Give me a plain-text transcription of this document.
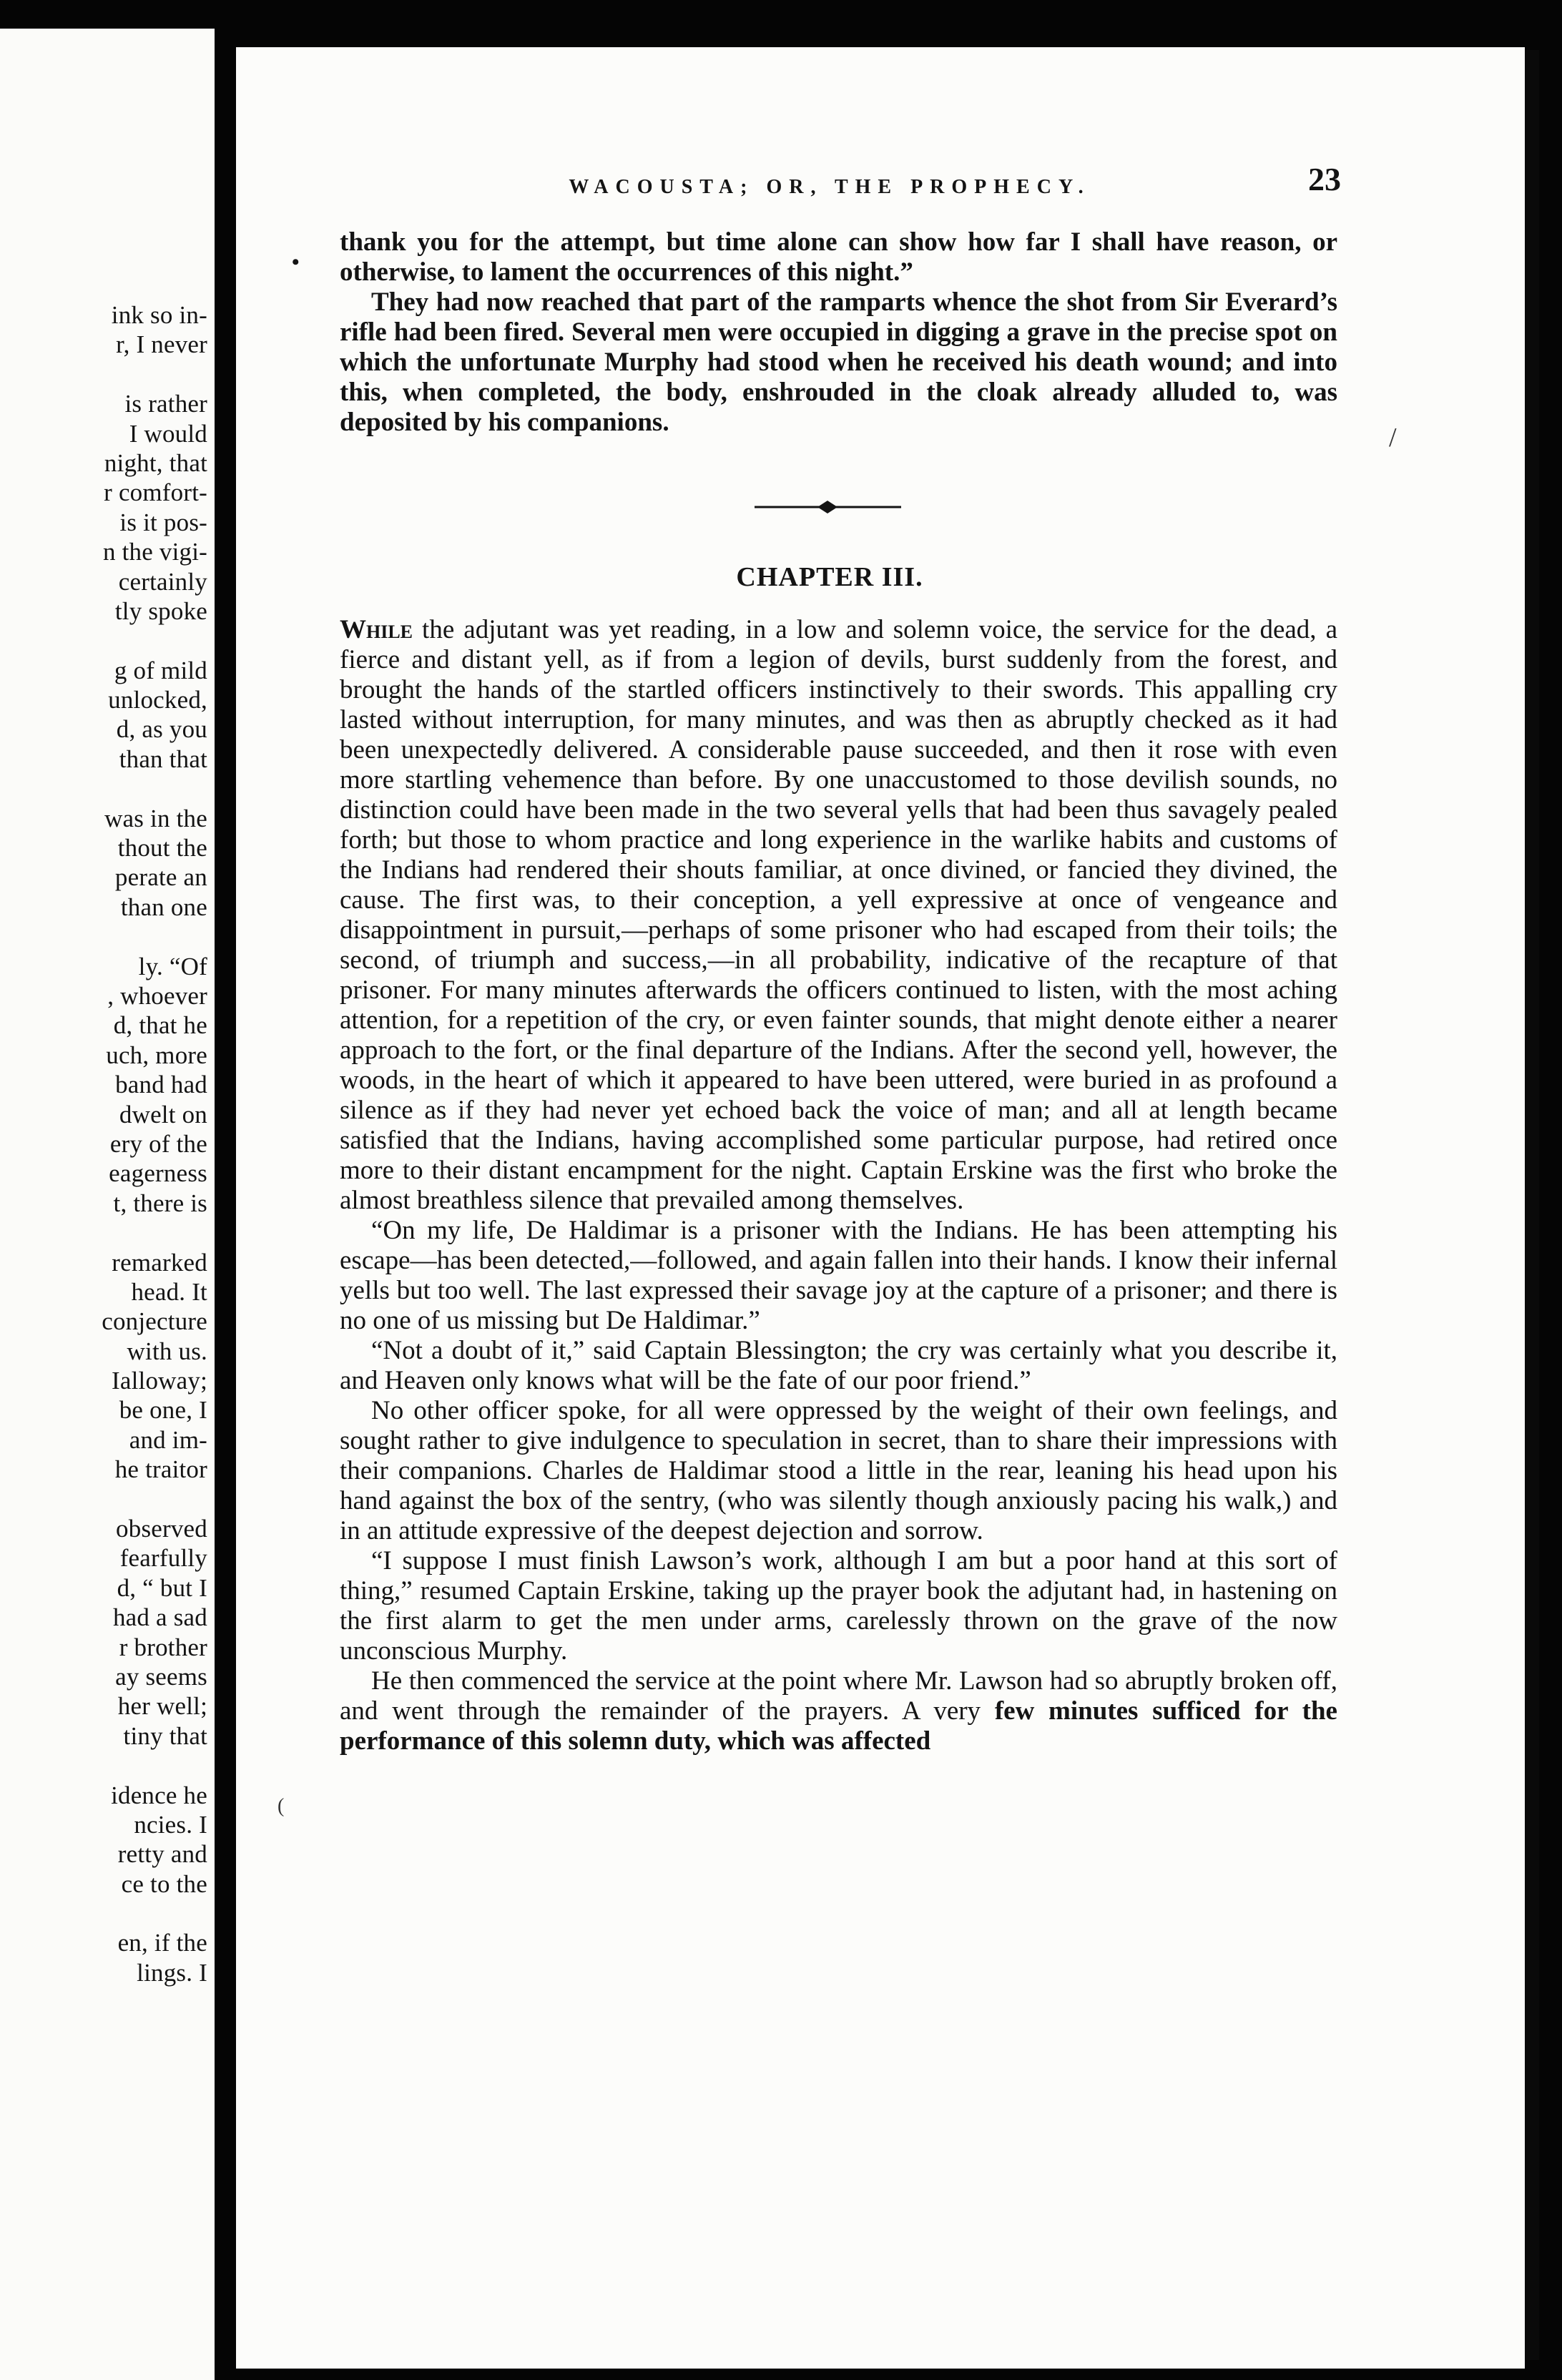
ink so in-
r, I never
is rather
I would
night, that
r comfort-
is it pos-
n the vigi-
certainly
tly spoke
g of mild
unlocked,
d, as you
than that
was in the
thout the
perate an
than one
ly. “Of
, whoever
d, that he
uch, more
band had
dwelt on
ery of the
eagerness
t, there is
remarked
head. It
conjecture
with us.
Ialloway;
be one, I
and im-
he traitor
observed
fearfully
d, “ but I
had a sad
r brother
ay seems
her well;
tiny that
idence he
ncies. I
retty and
ce to the
en, if the
lings. I
WACOUSTA; OR, THE PROPHECY.	23
•

thank you for the attempt, but time alone can show how far I shall have reason, or otherwise, to lament the occurrences of this night.”

They had now reached that part of the ramparts whence the shot from Sir Everard’s rifle had been fired. Several men were occupied in digging a grave in the precise spot on which the unfortunate Murphy had stood when he received his death wound; and into this, when completed, the body, enshrouded in the cloak already alluded to, was deposited by his companions.

CHAPTER III.

While the adjutant was yet reading, in a low and solemn voice, the service for the dead, a fierce and distant yell, as if from a legion of devils, burst suddenly from the forest, and brought the hands of the startled officers instinctively to their swords. This appalling cry lasted without interruption, for many minutes, and was then as abruptly checked as it had been unexpectedly delivered. A considerable pause succeeded, and then it rose with even more startling vehemence than before. By one unaccustomed to those devilish sounds, no distinction could have been made in the two several yells that had been thus savagely pealed forth; but those to whom practice and long experience in the warlike habits and customs of the Indians had rendered their shouts familiar, at once divined, or fancied they divined, the cause. The first was, to their conception, a yell expressive at once of vengeance and disappointment in pursuit,—perhaps of some prisoner who had escaped from their toils; the second, of triumph and success,—in all probability, indicative of the recapture of that prisoner. For many minutes afterwards the officers continued to listen, with the most aching attention, for a repetition of the cry, or even fainter sounds, that might denote either a nearer approach to the fort, or the final departure of the Indians. After the second yell, however, the woods, in the heart of which it appeared to have been uttered, were buried in as profound a silence as if they had never yet echoed back the voice of man; and all at length became satisfied that the Indians, having accomplished some particular purpose, had retired once more to their distant encampment for the night. Captain Erskine was the first who broke the almost breathless silence that prevailed among themselves.

“On my life, De Haldimar is a prisoner with the Indians. He has been attempting his escape—has been detected,—followed, and again fallen into their hands. I know their infernal yells but too well. The last expressed their savage joy at the capture of a prisoner; and there is no one of us missing but De Haldimar.”

“Not a doubt of it,” said Captain Blessington; the cry was certainly what you describe it, and Heaven only knows what will be the fate of our poor friend.”

No other officer spoke, for all were oppressed by the weight of their own feelings, and sought rather to give indulgence to speculation in secret, than to share their impressions with their companions. Charles de Haldimar stood a little in the rear, leaning his head upon his hand against the box of the sentry, (who was silently though anxiously pacing his walk,) and in an attitude expressive of the deepest dejection and sorrow.

“I suppose I must finish Lawson’s work, although I am but a poor hand at this sort of thing,” resumed Captain Erskine, taking up the prayer book the adjutant had, in hastening on the first alarm to get the men under arms, carelessly thrown on the grave of the now unconscious Murphy.

He then commenced the service at the point where Mr. Lawson had so abruptly broken off, and went through the remainder of the prayers. A very few minutes sufficed for the performance of this solemn duty, which was affected

/
(
